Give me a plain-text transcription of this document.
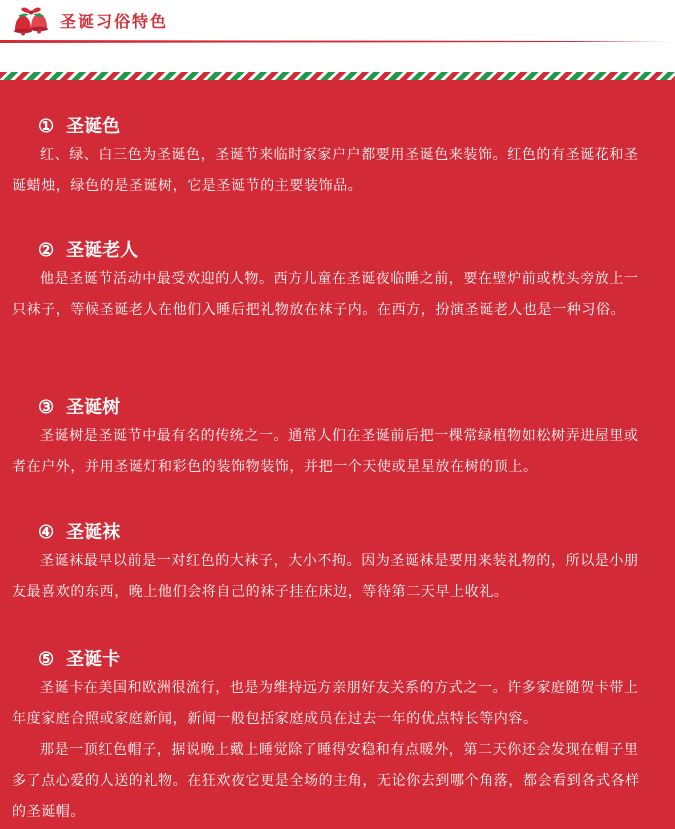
圣诞习俗特色
① 圣诞色
红、绿、白三色为圣诞色，圣诞节来临时家家户户都要用圣诞色来装饰。红色的有圣诞花和圣诞蜡烛，绿色的是圣诞树，它是圣诞节的主要装饰品。
② 圣诞老人
他是圣诞节活动中最受欢迎的人物。西方儿童在圣诞夜临睡之前，要在壁炉前或枕头旁放上一只袜子，等候圣诞老人在他们入睡后把礼物放在袜子内。在西方，扮演圣诞老人也是一种习俗。
③ 圣诞树
圣诞树是圣诞节中最有名的传统之一。通常人们在圣诞前后把一棵常绿植物如松树弄进屋里或者在户外，并用圣诞灯和彩色的装饰物装饰，并把一个天使或星星放在树的顶上。
④ 圣诞袜
圣诞袜最早以前是一对红色的大袜子，大小不拘。因为圣诞袜是要用来装礼物的，所以是小朋友最喜欢的东西，晚上他们会将自己的袜子挂在床边，等待第二天早上收礼。
⑤ 圣诞卡
圣诞卡在美国和欧洲很流行，也是为维持远方亲朋好友关系的方式之一。许多家庭随贺卡带上年度家庭合照或家庭新闻，新闻一般包括家庭成员在过去一年的优点特长等内容。
那是一顶红色帽子，据说晚上戴上睡觉除了睡得安稳和有点暖外，第二天你还会发现在帽子里多了点心爱的人送的礼物。在狂欢夜它更是全场的主角，无论你去到哪个角落，都会看到各式各样的圣诞帽。
